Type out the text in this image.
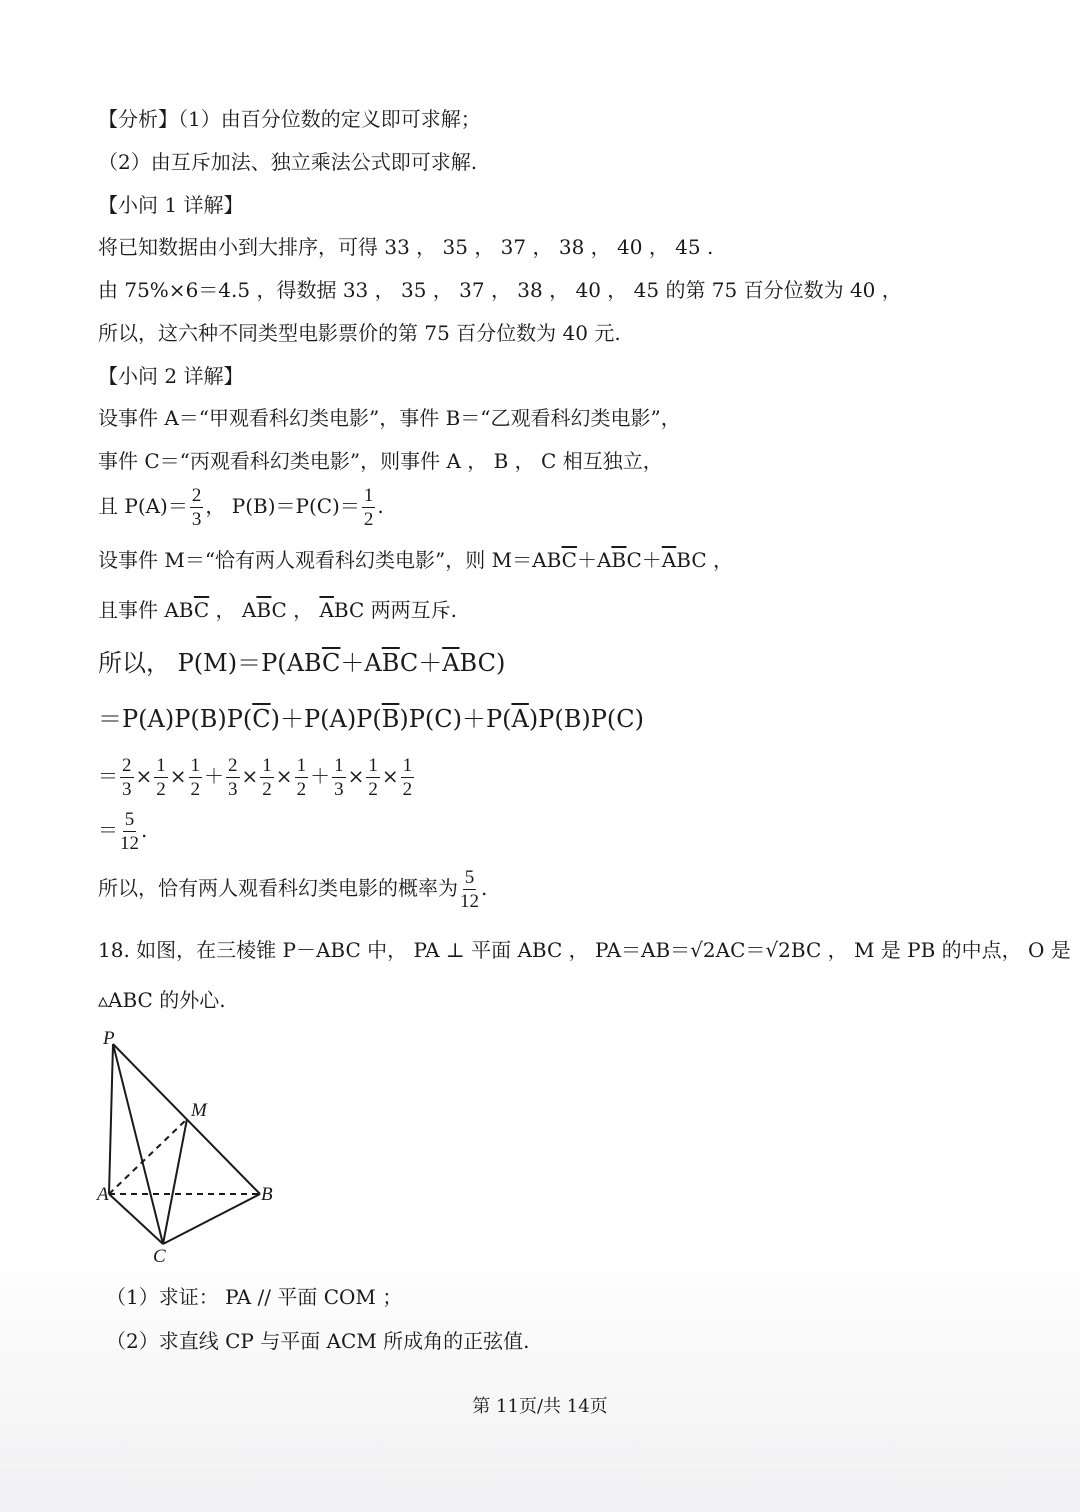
【分析】（1）由百分位数的定义即可求解；
（2）由互斥加法、独立乘法公式即可求解.
【小问 1 详解】
将已知数据由小到大排序，可得 33 ， 35 ， 37 ， 38 ， 40 ， 45 .
由 75%×6＝4.5 ，得数据 33 ， 35 ， 37 ， 38 ， 40 ， 45 的第 75 百分位数为 40 ，
所以，这六种不同类型电影票价的第 75 百分位数为 40 元.
【小问 2 详解】
设事件 A＝“甲观看科幻类电影”，事件 B＝“乙观看科幻类电影”，
事件 C＝“丙观看科幻类电影”，则事件 A ， B ， C 相互独立，
且 $P(A)= \frac{2}{3}$ ， $P(B)=P(C)= \frac{1}{2}$ .
设事件 M＝“恰有两人观看科幻类电影”，则 $M=AB\overline{C}+A\overline{B}C+\overline{A}BC$ ，
且事件 $AB\overline{C}$ ， $A\overline{B}C$ ， $\overline{A}BC$ 两两互斥.
所以， $P(M)=P(AB\overline{C}+A\overline{B}C+\overline{A}BC)$
$=P(A)P(B)P(\overline{C})+P(A)P(\overline{B})P(C)+P(\overline{A})P(B)P(C)$
＝ $\frac{2}{3} \times \frac{1}{2} \times \frac{1}{2} + \frac{2}{3} \times \frac{1}{2} \times \frac{1}{2} + \frac{1}{3} \times \frac{1}{2} \times \frac{1}{2}$
＝ $\frac{5}{12}$ .
所以，恰有两人观看科幻类电影的概率为 $\frac{5}{12}$ .
18. 如图，在三棱锥 P－ABC 中， PA ⊥ 平面 ABC ， PA＝AB＝√2AC＝√2BC ， M 是 PB 的中点， O 是
▵ABC 的外心.
P
M
A	B
C
（1）求证： PA // 平面 COM ；
（2）求直线 CP 与平面 ACM 所成角的正弦值.
第 11页/共 14页
